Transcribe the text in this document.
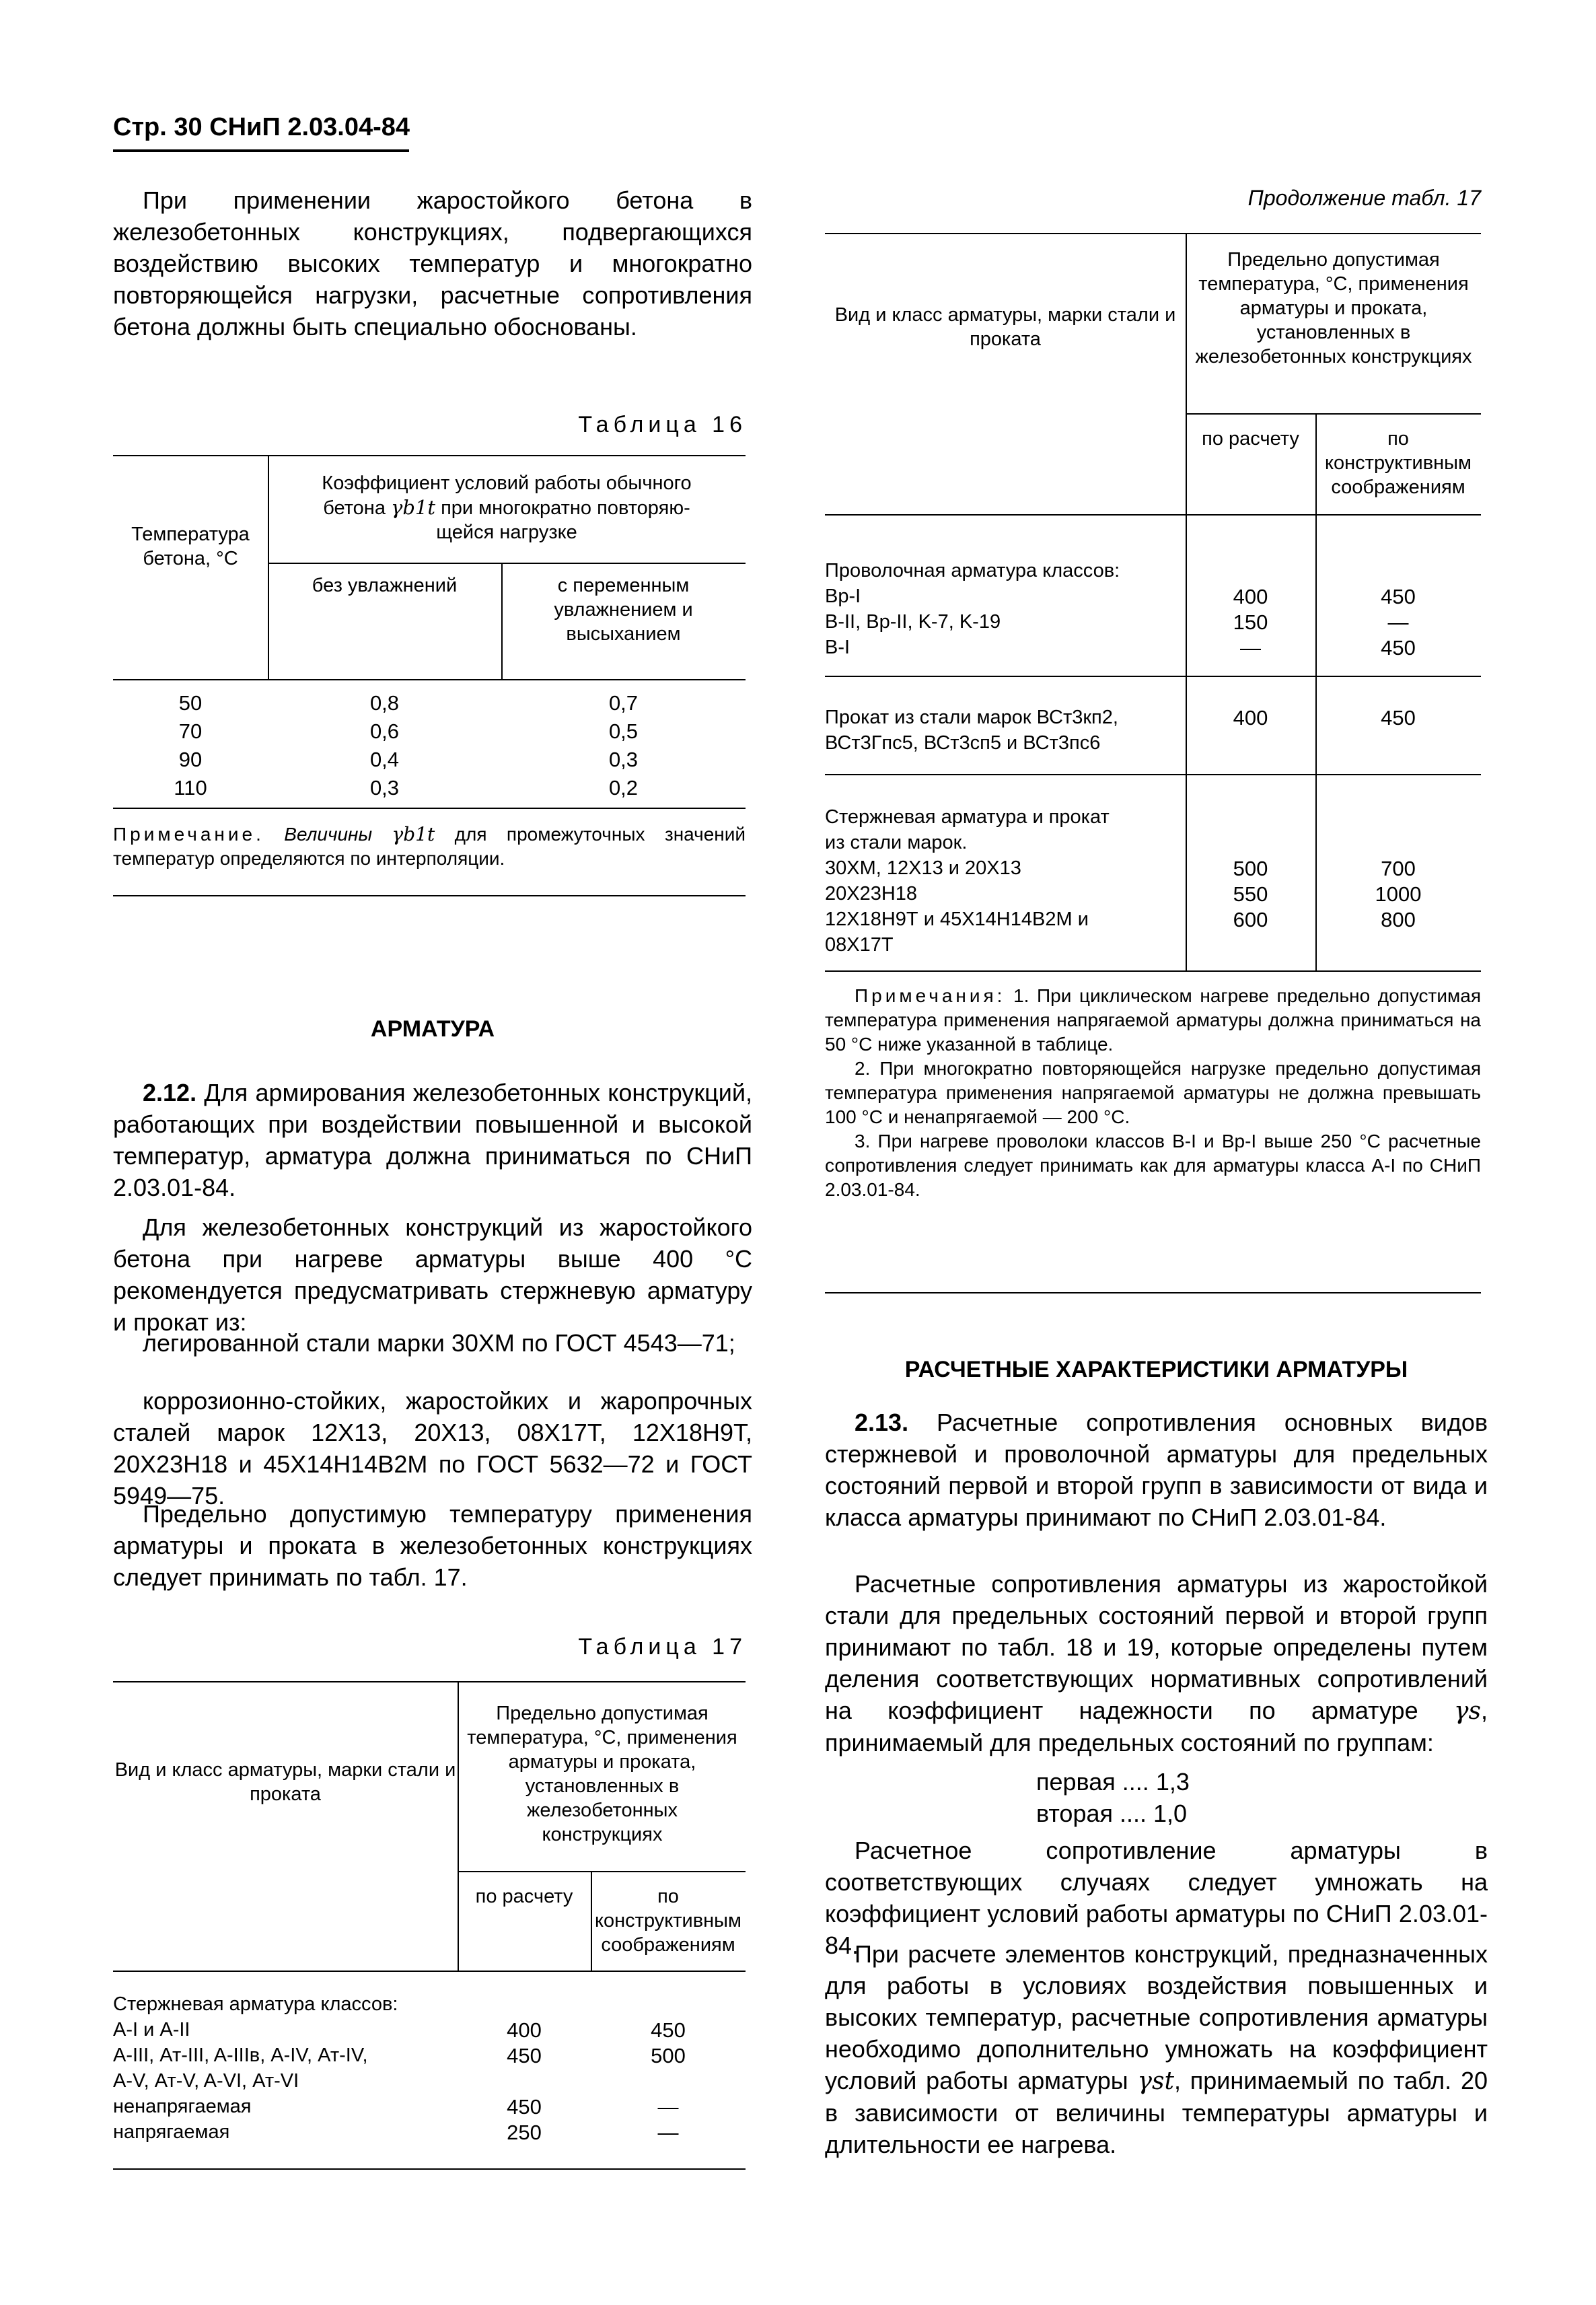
Стр. 30 СНиП 2.03.04-84
При применении жаростойкого бетона в железобетонных конструкциях, подвергающихся воздействию высоких температур и многократно повторяющейся нагрузки, расчетные сопротивления бетона должны быть специально обоснованы.
Таблица 16
Температура бетона, °С
Коэффициент условий работы обычного
бетона γb1t при многократно повторяю-
щейся нагрузке
без увлажнений	с переменным увлажнением и высыханием
50	0,8	0,7
70	0,6	0,5
90	0,4	0,3
110	0,3	0,2
Примечание. Величины γb1t для промежуточных значений температур определяются по интерполяции.
АРМАТУРА
2.12. Для армирования железобетонных конструкций, работающих при воздействии повышенной и высокой температур, арматура должна приниматься по СНиП 2.03.01-84.
Для железобетонных конструкций из жаростойкого бетона при нагреве арматуры выше 400 °С рекомендуется предусматривать стержневую арматуру и прокат из:
легированной стали марки 30ХМ по ГОСТ 4543—71;
коррозионно-стойких, жаростойких и жаропрочных сталей марок 12Х13, 20Х13, 08Х17Т, 12Х18Н9Т, 20Х23Н18 и 45Х14Н14В2М по ГОСТ 5632—72 и ГОСТ 5949—75.
Предельно допустимую температуру применения арматуры и проката в железобетонных конструкциях следует принимать по табл. 17.
Таблица 17
Вид и класс арматуры, марки стали и проката
Предельно допустимая температура, °С, применения арматуры и проката, установленных в железобетонных конструкциях
по расчету	по конструктивным соображениям
Стержневая арматура классов:
A-I и A-II	400	450
A-III, Ат-III, A-IIIв, A-IV, Ат-IV,	450	500
A-V, Ат-V, A-VI, Ат-VI
ненапрягаемая	450	—
напрягаемая	250	—
Продолжение табл. 17
Вид и класс арматуры, марки стали и проката
Предельно допустимая температура, °С, применения арматуры и проката, установленных в железобетонных конструкциях
по расчету	по конструктивным соображениям
Проволочная арматура классов:
Вр-I	400	450
B-II, Вр-II, K-7, K-19	150	—
B-I	—	450
Прокат из стали марок ВСт3кп2,	400	450
ВСт3Гпс5, ВСт3сп5 и ВСт3пс6
Стержневая арматура и прокат
из стали марок.
30ХМ, 12Х13 и 20Х13	500	700
20Х23Н18	550	1000
12Х18Н9Т и 45Х14Н14В2М и	600	800
08Х17Т
Примечания: 1. При циклическом нагреве предельно допустимая температура применения напрягаемой арматуры должна приниматься на 50 °С ниже указанной в таблице.
2. При многократно повторяющейся нагрузке предельно допустимая температура применения напрягаемой арматуры не должна превышать 100 °С и ненапрягаемой — 200 °С.
3. При нагреве проволоки классов В-I и Вр-I выше 250 °С расчетные сопротивления следует принимать как для арматуры класса А-I по СНиП 2.03.01-84.
РАСЧЕТНЫЕ ХАРАКТЕРИСТИКИ АРМАТУРЫ
2.13. Расчетные сопротивления основных видов стержневой и проволочной арматуры для предельных состояний первой и второй групп в зависимости от вида и класса арматуры принимают по СНиП 2.03.01-84.
Расчетные сопротивления арматуры из жаростойкой стали для предельных состояний первой и второй групп принимают по табл. 18 и 19, которые определены путем деления соответствующих нормативных сопротивлений на коэффициент надежности по арматуре γs, принимаемый для предельных состояний по группам:
первая .... 1,3
вторая .... 1,0
Расчетное сопротивление арматуры в соответствующих случаях следует умножать на коэффициент условий работы арматуры по СНиП 2.03.01-84.
При расчете элементов конструкций, предназначенных для работы в условиях воздействия повышенных и высоких температур, расчетные сопротивления арматуры необходимо дополнительно умножать на коэффициент условий работы арматуры γst, принимаемый по табл. 20 в зависимости от величины температуры арматуры и длительности ее нагрева.
